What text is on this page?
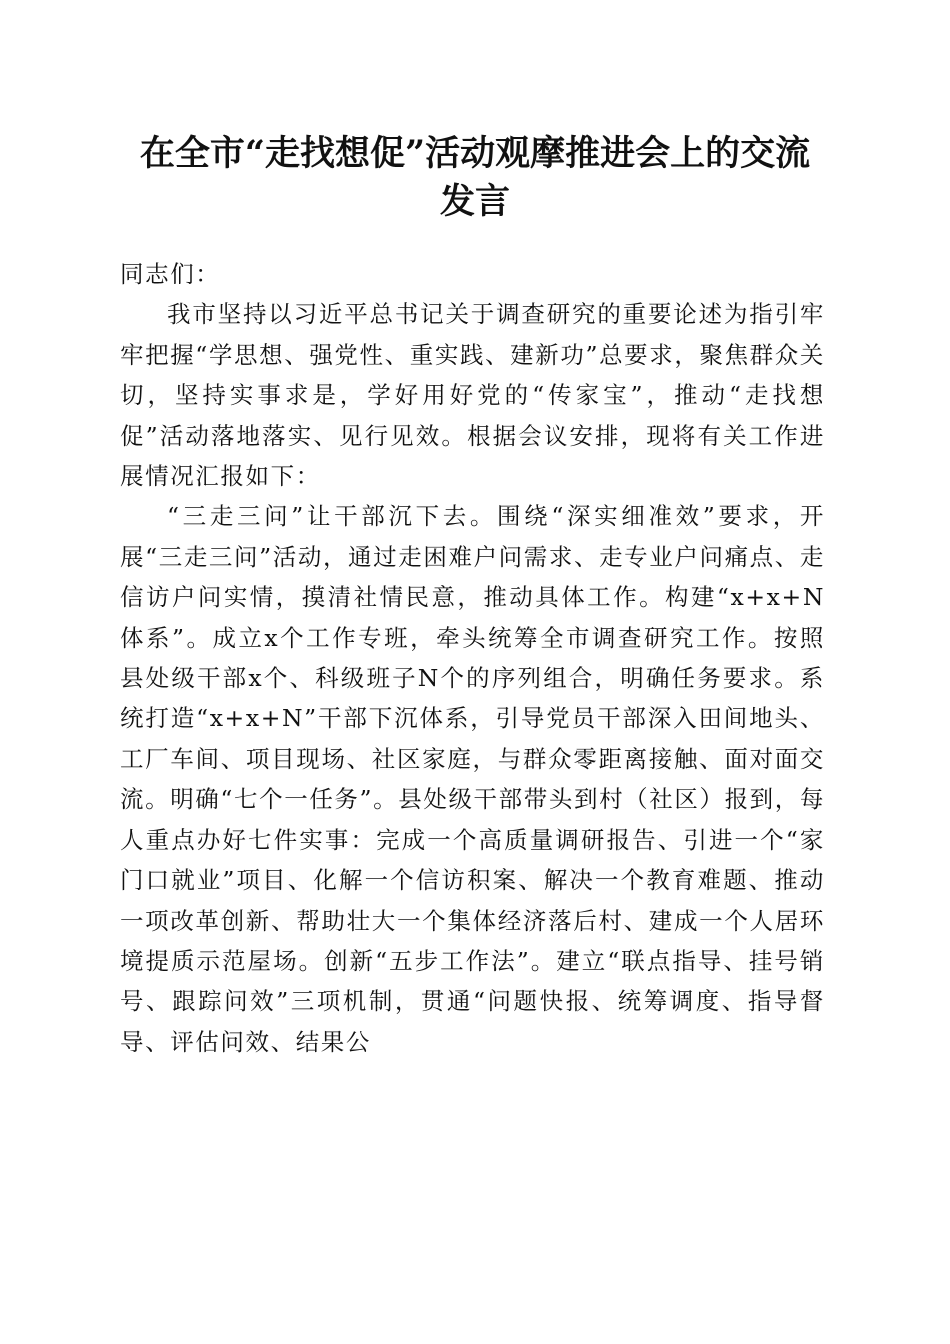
在全市“走找想促”活动观摩推进会上的交流
发言

同志们：

我市坚持以习近平总书记关于调查研究的重要论述为指引牢牢把握“学思想、强党性、重实践、建新功”总要求，聚焦群众关切，坚持实事求是，学好用好党的“传家宝”，推动“走找想促”活动落地落实、见行见效。根据会议安排，现将有关工作进展情况汇报如下：

“三走三问”让干部沉下去。围绕“深实细准效”要求，开展“三走三问”活动，通过走困难户问需求、走专业户问痛点、走信访户问实情，摸清社情民意，推动具体工作。构建“x+x+N体系”。成立x个工作专班，牵头统筹全市调查研究工作。按照县处级干部x个、科级班子N个的序列组合，明确任务要求。系统打造“x+x+N”干部下沉体系，引导党员干部深入田间地头、工厂车间、项目现场、社区家庭，与群众零距离接触、面对面交流。明确“七个一任务”。县处级干部带头到村（社区）报到，每人重点办好七件实事：完成一个高质量调研报告、引进一个“家门口就业”项目、化解一个信访积案、解决一个教育难题、推动一项改革创新、帮助壮大一个集体经济落后村、建成一个人居环境提质示范屋场。创新“五步工作法”。建立“联点指导、挂号销号、跟踪问效”三项机制，贯通“问题快报、统筹调度、指导督导、评估问效、结果公
